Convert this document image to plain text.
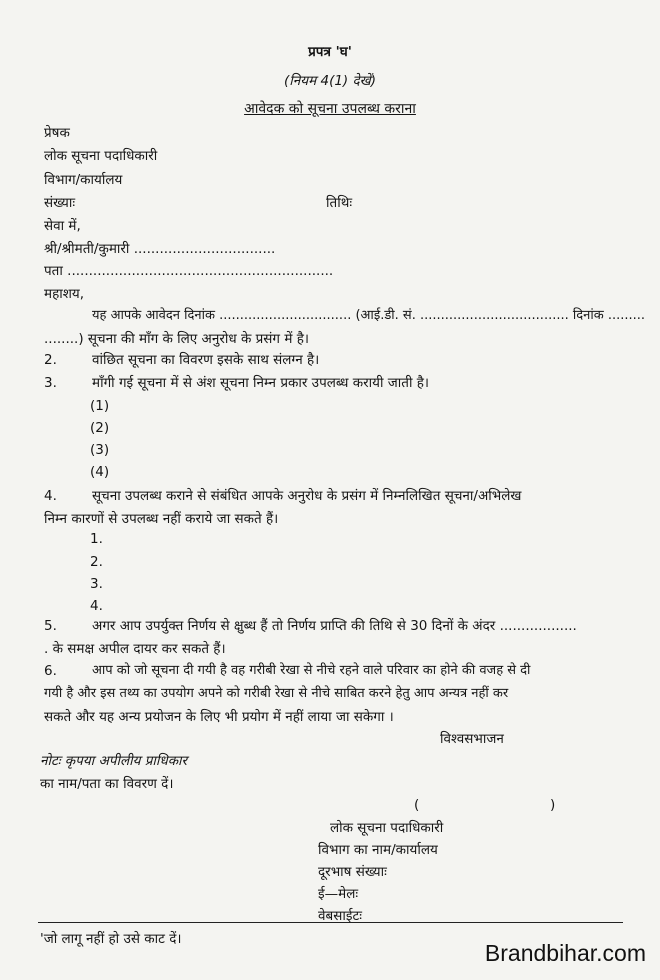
प्रपत्र 'घ'
(नियम 4(1) देखें)
आवेदक को सूचना उपलब्ध कराना
प्रेषक
लोक सूचना पदाधिकारी
विभाग/कार्यालय
संख्याः	तिथिः
सेवा में,
श्री/श्रीमती/कुमारी .................................
पता ..............................................................
महाशय,
यह आपके आवेदन दिनांक ................................ (आई.डी. सं. .................................... दिनांक .........
........) सूचना की मॉंग के लिए अनुरोध के प्रसंग में है।
2.	वांछित सूचना का विवरण इसके साथ संलग्न है।
3.	मॉंगी गई सूचना में से अंश सूचना निम्न प्रकार उपलब्ध करायी जाती है।
(1)
(2)
(3)
(4)
4.	सूचना उपलब्ध कराने से संबंधित आपके अनुरोध के प्रसंग में निम्नलिखित सूचना/अभिलेख
निम्न कारणों से उपलब्ध नहीं कराये जा सकते हैं।
1.
2.
3.
4.
5.	अगर आप उपर्युक्त निर्णय से क्षुब्ध हैं तो निर्णय प्राप्ति की तिथि से 30 दिनों के अंदर ..................
. के समक्ष अपील दायर कर सकते हैं।
6.	आप को जो सूचना दी गयी है वह गरीबी रेखा से नीचे रहने वाले परिवार का होने की वजह से दी
गयी है और इस तथ्य का उपयोग अपने को गरीबी रेखा से नीचे साबित करने हेतु आप अन्यत्र नहीं कर
सकते और यह अन्य प्रयोजन के लिए भी प्रयोग में नहीं लाया जा सकेगा ।
विश्वसभाजन
नोटः कृपया अपीलीय प्राधिकार
का नाम/पता का विवरण दें।
(	)
लोक सूचना पदाधिकारी
विभाग का नाम/कार्यालय
दूरभाष संख्याः
ई—मेलः
वेबसाईटः
'जो लागू नहीं हो उसे काट दें।
Brandbihar.com
